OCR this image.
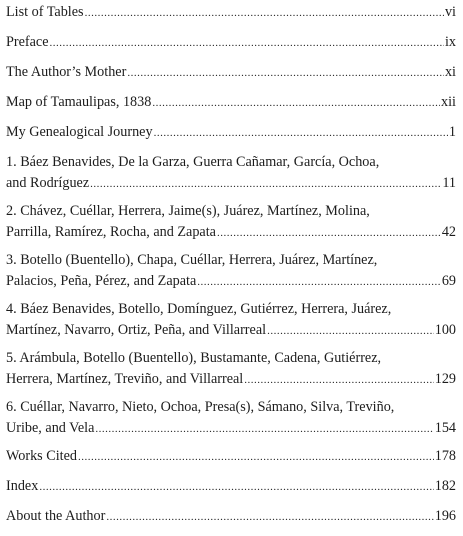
List of Tables .....	vi
Preface .....	ix
The Author’s Mother .....	xi
Map of Tamaulipas, 1838 .....	xii
My Genealogical Journey .....	1
1. Báez Benavides, De la Garza, Guerra Cañamar, García, Ochoa,
and Rodríguez .....	11
2. Chávez, Cuéllar, Herrera, Jaime(s), Juárez, Martínez, Molina,
Parrilla, Ramírez, Rocha, and Zapata .....	42
3. Botello (Buentello), Chapa, Cuéllar, Herrera, Juárez, Martínez,
Palacios, Peña, Pérez, and Zapata .....	69
4. Báez Benavides, Botello, Domínguez, Gutiérrez, Herrera, Juárez,
Martínez, Navarro, Ortiz, Peña, and Villarreal .....	100
5. Arámbula, Botello (Buentello), Bustamante, Cadena, Gutiérrez,
Herrera, Martínez, Treviño, and Villarreal .....	129
6. Cuéllar, Navarro, Nieto, Ochoa, Presa(s), Sámano, Silva, Treviño,
Uribe, and Vela .....	154
Works Cited .....	178
Index .....	182
About the Author .....	196
